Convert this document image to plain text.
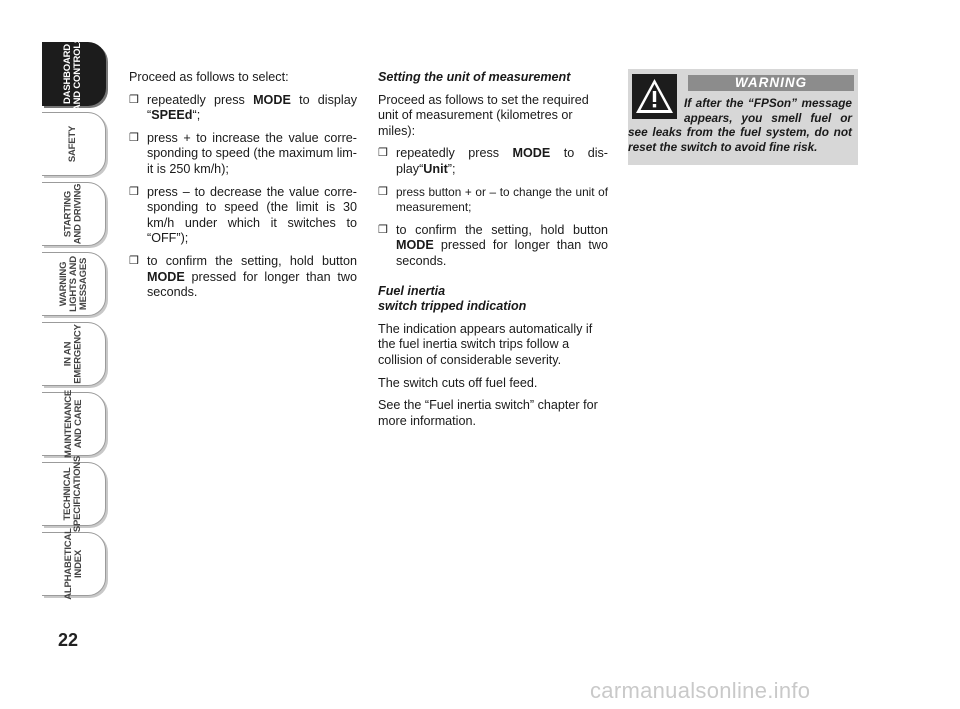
DASHBOARD
AND CONTROLS
SAFETY
STARTING
AND DRIVING
WARNING
LIGHTS AND
MESSAGES
IN AN
EMERGENCY
MAINTENANCE
AND CARE
TECHNICAL
SPECIFICATIONS
ALPHABETICAL
INDEX
22

Proceed as follows to select:

❒ repeatedly press MODE to display “SPEEd“;
❒ press + to increase the value corre-sponding to speed (the maximum lim-it is 250 km/h);
❒ press – to decrease the value corre-sponding to speed (the limit is 30 km/h under which it switches to “OFF”);
❒ to confirm the setting, hold button MODE pressed for longer than two seconds.

Setting the unit of measurement

Proceed as follows to set the required unit of measurement (kilometres or miles):

❒ repeatedly press MODE to dis-play“Unit”;
❒ press button + or – to change the unit of measurement;
❒ to confirm the setting, hold button MODE pressed for longer than two seconds.

Fuel inertia
switch tripped indication

The indication appears automatically if the fuel inertia switch trips follow a collision of considerable severity.

The switch cuts off fuel feed.

See the “Fuel inertia switch” chapter for more information.

WARNING
If after the “FPSon” message appears, you smell fuel or see leaks from the fuel system, do not reset the switch to avoid fine risk.
carmanualsonline.info
